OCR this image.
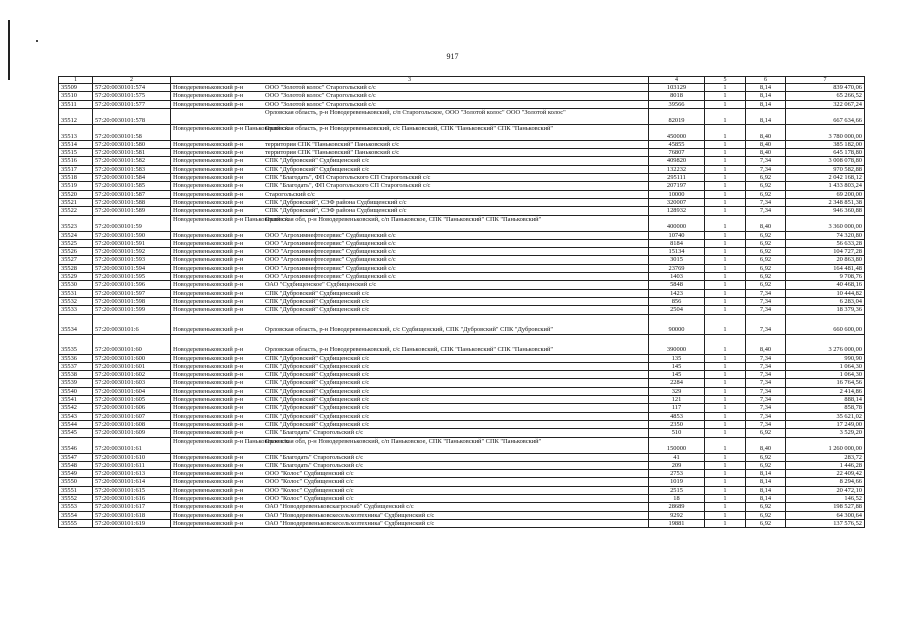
917
1	2	3	4	5	6	7
35509	57:20:0030101:574	Новодеревеньковский р-н ООО "Золотой колос" Старогольский с/с	103129	1	8,14	839 470,06
35510	57:20:0030101:575	Новодеревеньковский р-н ООО "Золотой колос" Старогольский с/с	8018	1	8,14	65 266,52
35511	57:20:0030101:577	Новодеревеньковский р-н ООО "Золотой колос" Старогольский с/с	39566	1	8,14	322 067,24
35512	57:20:0030101:578	Орловская область, р-н Новодеревеньковский, с/п Старогольское, ООО "Золотой колос" ООО "Золотой колос"	82019	1	8,14	667 634,66
35513	57:20:0030101:58	Новодеревеньковский р-н Паньковский с/сОрловская область, р-н Новодеревеньковский, с/с Паньковский, СПК "Паньковский" СПК "Паньковский"	450000	1	8,40	3 780 000,00
35514	57:20:0030101:580	Новодеревеньковский р-н территория СПК "Паньковский" Паньковский с/с	45855	1	8,40	385 182,00
35515	57:20:0030101:581	Новодеревеньковский р-н территория СПК "Паньковский" Паньковский с/с	76807	1	8,40	645 178,80
35516	57:20:0030101:582	Новодеревеньковский р-н СПК "Дубровский" Судбищенский с/с	409820	1	7,34	3 008 078,80
35517	57:20:0030101:583	Новодеревеньковский р-н СПК "Дубровский" Судбищенский с/с	132232	1	7,34	970 582,88
35518	57:20:0030101:584	Новодеревеньковский р-н СПК "Благодать", ФП Старогольского СП Старогольский с/с	295111	1	6,92	2 042 168,12
35519	57:20:0030101:585	Новодеревеньковский р-н СПК "Благодать", ФП Старогольского СП Старогольский с/с	207197	1	6,92	1 433 803,24
35520	57:20:0030101:587	Новодеревеньковский р-н Старогольский с/с	10000	1	6,92	69 200,00
35521	57:20:0030101:588	Новодеревеньковский р-н СПК "Дубровский", СЭФ района Судбищенский с/с	320007	1	7,34	2 348 851,38
35522	57:20:0030101:589	Новодеревеньковский р-н СПК "Дубровский", СЭФ района Судбищенский с/с	128932	1	7,34	946 360,88
35523	57:20:0030101:59	Новодеревеньковский р-н Паньковский с/сОрловская обл, р-н Новодеревеньковский, с/п Паньковское, СПК "Паньковский" СПК "Паньковский"	400000	1	8,40	3 360 000,00
35524	57:20:0030101:590	Новодеревеньковский р-н ООО "Агрохимнефтесервис" Судбищенский с/с	10740	1	6,92	74 320,80
35525	57:20:0030101:591	Новодеревеньковский р-н ООО "Агрохимнефтесервис" Судбищенский с/с	8184	1	6,92	56 633,28
35526	57:20:0030101:592	Новодеревеньковский р-н ООО "Агрохимнефтесервис" Судбищенский с/с	15134	1	6,92	104 727,28
35527	57:20:0030101:593	Новодеревеньковский р-н ООО "Агрохимнефтесервис" Судбищенский с/с	3015	1	6,92	20 863,80
35528	57:20:0030101:594	Новодеревеньковский р-н ООО "Агрохимнефтесервис" Судбищенский с/с	23769	1	6,92	164 481,48
35529	57:20:0030101:595	Новодеревеньковский р-н ООО "Агрохимнефтесервис" Судбищенский с/с	1403	1	6,92	9 708,76
35530	57:20:0030101:596	Новодеревеньковский р-н ОАО "Судбищенское" Судбищенский с/с	5848	1	6,92	40 468,16
35531	57:20:0030101:597	Новодеревеньковский р-н СПК "Дубровский" Судбищенский с/с	1423	1	7,34	10 444,82
35532	57:20:0030101:598	Новодеревеньковский р-н СПК "Дубровский" Судбищенский с/с	856	1	7,34	6 283,04
35533	57:20:0030101:599	Новодеревеньковский р-н СПК "Дубровский" Судбищенский с/с	2504	1	7,34	18 379,36
35534	57:20:0030101:6	Новодеревеньковский р-н Орловская область, р-н Новодеревеньковский, с/с Судбищенский, СПК "Дубровский" СПК "Дубровский"	90000	1	7,34	660 600,00
35535	57:20:0030101:60	Новодеревеньковский р-н Орловская область, р-н Новодеревеньковский, с/с Паньковский, СПК "Паньковский" СПК "Паньковский"	390000	1	8,40	3 276 000,00
35536	57:20:0030101:600	Новодеревеньковский р-н СПК "Дубровский" Судбищенский с/с	135	1	7,34	990,90
35537	57:20:0030101:601	Новодеревеньковский р-н СПК "Дубровский" Судбищенский с/с	145	1	7,34	1 064,30
35538	57:20:0030101:602	Новодеревеньковский р-н СПК "Дубровский" Судбищенский с/с	145	1	7,34	1 064,30
35539	57:20:0030101:603	Новодеревеньковский р-н СПК "Дубровский" Судбищенский с/с	2284	1	7,34	16 764,56
35540	57:20:0030101:604	Новодеревеньковский р-н СПК "Дубровский" Судбищенский с/с	329	1	7,34	2 414,86
35541	57:20:0030101:605	Новодеревеньковский р-н СПК "Дубровский" Судбищенский с/с	121	1	7,34	888,14
35542	57:20:0030101:606	Новодеревеньковский р-н СПК "Дубровский" Судбищенский с/с	117	1	7,34	858,78
35543	57:20:0030101:607	Новодеревеньковский р-н СПК "Дубровский" Судбищенский с/с	4853	1	7,34	35 621,02
35544	57:20:0030101:608	Новодеревеньковский р-н СПК "Дубровский" Судбищенский с/с	2350	1	7,34	17 249,00
35545	57:20:0030101:609	Новодеревеньковский р-н СПК "Благодать" Старогольский с/с	510	1	6,92	3 529,20
35546	57:20:0030101:61	Новодеревеньковский р-н Паньковское с/пОрловская обл, р-н Новодеревеньковский, с/п Паньковское, СПК "Паньковский" СПК "Паньковский"	150000	1	8,40	1 260 000,00
35547	57:20:0030101:610	Новодеревеньковский р-н СПК "Благодать" Старогольский с/с	41	1	6,92	283,72
35548	57:20:0030101:611	Новодеревеньковский р-н СПК "Благодать" Старогольский с/с	209	1	6,92	1 446,28
35549	57:20:0030101:613	Новодеревеньковский р-н ООО "Колос" Судбищенский с/с	2753	1	8,14	22 409,42
35550	57:20:0030101:614	Новодеревеньковский р-н ООО "Колос" Судбищенский с/с	1019	1	8,14	8 294,66
35551	57:20:0030101:615	Новодеревеньковский р-н ООО "Колос" Судбищенский с/с	2515	1	8,14	20 472,10
35552	57:20:0030101:616	Новодеревеньковский р-н ООО "Колос" Судбищенский с/с	18	1	8,14	146,52
35553	57:20:0030101:617	Новодеревеньковский р-н ОАО "Новодеревеньковскагроснаб" Судбищенский с/с	28689	1	6,92	198 527,88
35554	57:20:0030101:618	Новодеревеньковский р-н ОАО "Новодеревеньковскесельхозтехника" Судбищенский с/с	9292	1	6,92	64 300,64
35555	57:20:0030101:619	Новодеревеньковский р-н ОАО "Новодеревеньковскесельхозтехника" Судбищенский с/с	19881	1	6,92	137 576,52
